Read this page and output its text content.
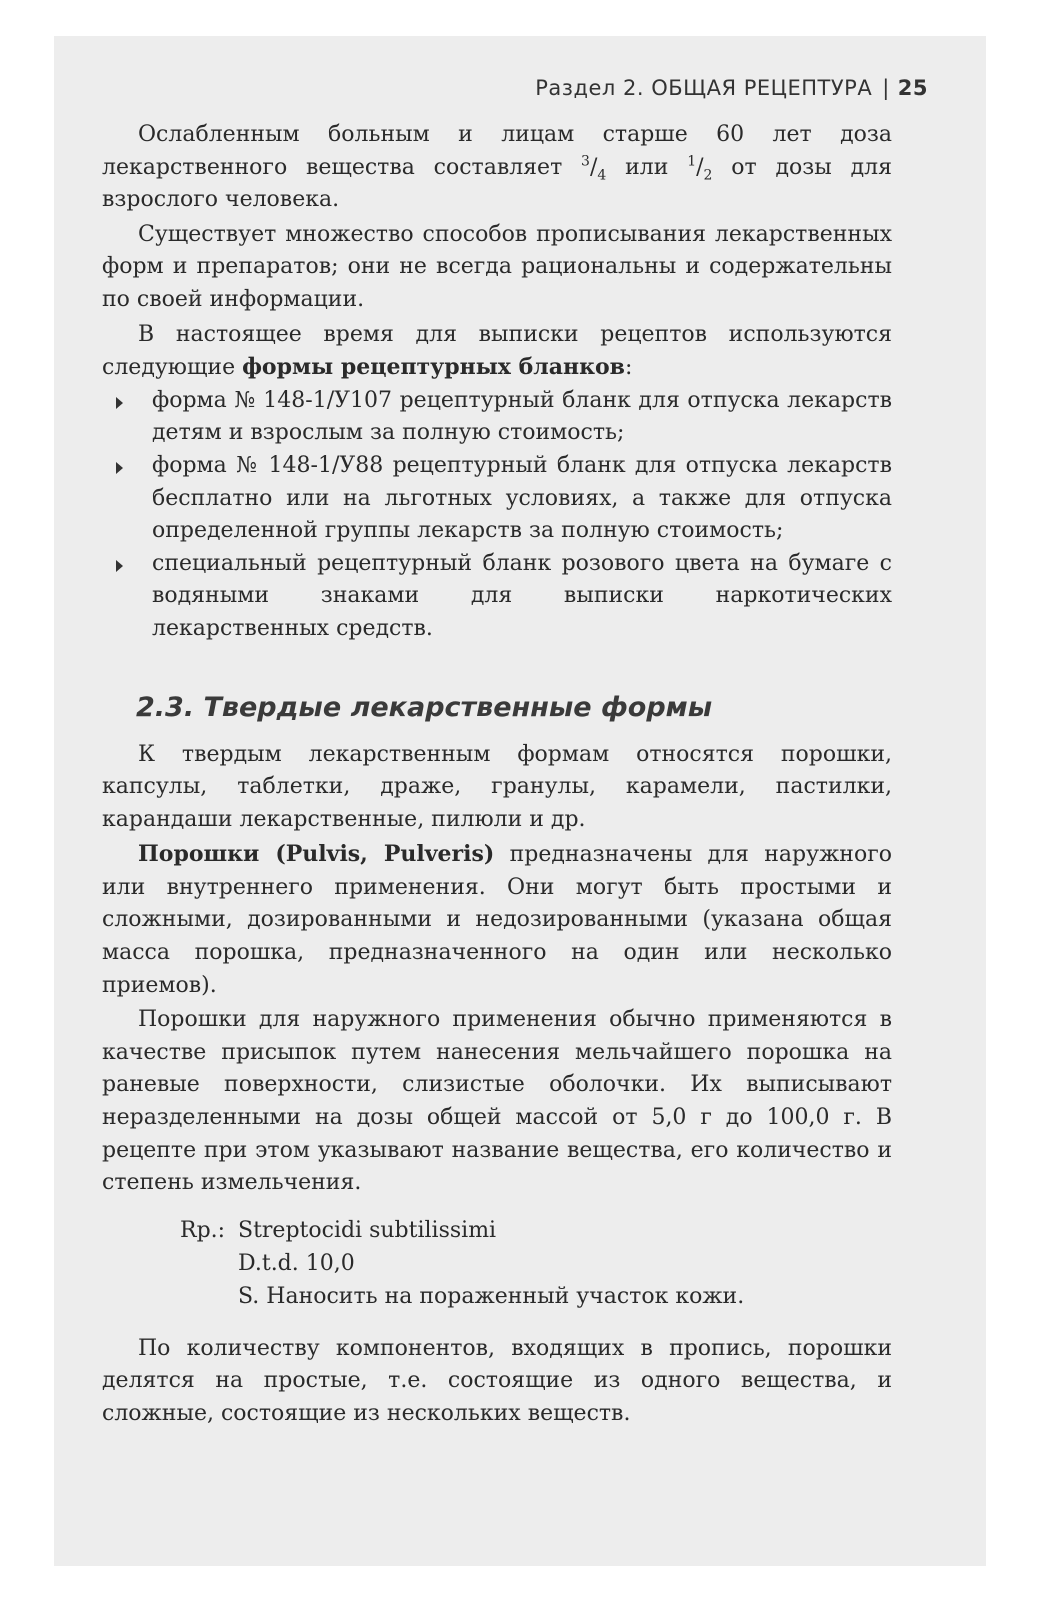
Раздел 2. ОБЩАЯ РЕЦЕПТУРА | 25

Ослабленным больным и лицам старше 60 лет доза лекарственного вещества составляет $^3/_4$ или $^1/_2$ от дозы для взрослого человека.

Существует множество способов прописывания лекарственных форм и препаратов; они не всегда рациональны и содержательны по своей информации.

В настоящее время для выписки рецептов используются следующие формы рецептурных бланков:

форма № 148-1/У107 рецептурный бланк для отпуска лекарств детям и взрослым за полную стоимость;
форма № 148-1/У88 рецептурный бланк для отпуска лекарств бесплатно или на льготных условиях, а также для отпуска определенной группы лекарств за полную стоимость;
специальный рецептурный бланк розового цвета на бумаге с водяными знаками для выписки наркотических лекарственных средств.
2.3. Твердые лекарственные формы

К твердым лекарственным формам относятся порошки, капсулы, таблетки, драже, гранулы, карамели, пастилки, карандаши лекарственные, пилюли и др.

Порошки (Pulvis, Pulveris) предназначены для наружного или внутреннего применения. Они могут быть простыми и сложными, дозированными и недозированными (указана общая масса порошка, предназначенного на один или несколько приемов).

Порошки для наружного применения обычно применяются в качестве присыпок путем нанесения мельчайшего порошка на раневые поверхности, слизистые оболочки. Их выписывают неразделенными на дозы общей массой от 5,0 г до 100,0 г. В рецепте при этом указывают название вещества, его количество и степень измельчения.

Rp.: Streptocidi subtilissimi
D.t.d. 10,0
S. Наносить на пораженный участок кожи.

По количеству компонентов, входящих в пропись, порошки делятся на простые, т.е. состоящие из одного вещества, и сложные, состоящие из нескольких веществ.
